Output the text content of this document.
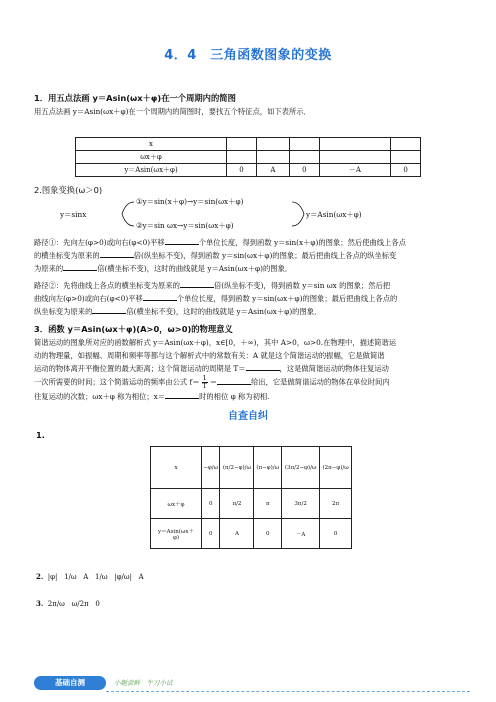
4．4　三角函数图象的变换
1．用五点法画 y＝Asin(ωx＋φ)在一个周期内的简图
用五点法画 y＝Asin(ωx＋φ)在一个周期内的简图时，要找五个特征点，如下表所示．
x					
ωx＋φ					
y＝Asin(ωx＋φ)	0	A	0	－A	0
2.图象变换(ω＞0)
y＝sinx
①y＝sin(x＋φ)→y＝sin(ωx＋φ)
②y＝sin ωx→y＝sin(ωx＋φ)
y＝Asin(ωx＋φ)
路径①：先向左(φ>0)或向右(φ<0)平移	个单位长度，得到函数 y＝sin(x＋φ)的图象；然后使曲线上各点
的横坐标变为原来的	倍(纵坐标不变)，得到函数 y＝sin(ωx＋φ)的图象；最后把曲线上各点的纵坐标变
为原来的	倍(横坐标不变)，这时的曲线就是 y＝Asin(ωx＋φ)的图象．
路径②：先将曲线上各点的横坐标变为原来的	倍(纵坐标不变)，得到函数 y＝sin ωx 的图象；然后把
曲线向左(φ>0)或向右(φ<0)平移	个单位长度，得到函数 y＝sin(ωx＋φ)的图象；最后把曲线上各点的
纵坐标变为原来的	倍(横坐标不变)，这时的曲线就是 y＝Asin(ωx＋φ)的图象．
3．函数 y＝Asin(ωx＋φ)(A>0，ω>0)的物理意义
简谐运动的图象所对应的函数解析式 y＝Asin(ωx＋φ)，x∈[0，＋∞)，其中 A>0，ω>0.在物理中，描述简谐运
动的物理量，如振幅、周期和频率等都与这个解析式中的常数有关：A 就是这个简谐运动的振幅，它是做简谐
运动的物体离开平衡位置的最大距离；这个简谐运动的周期是 T＝	，这是做简谐运动的物体往复运动
一次所需要的时间；这个简谐运动的频率由公式 $f= \frac{1}{T}$ ＝	给出，它是做简谐运动的物体在单位时间内
往复运动的次数；ωx＋φ 称为相位；x＝	时的相位 φ 称为初相.
自查自纠
1.
x	−φ/ω	(π/2−φ)/ω	(π−φ)/ω	(3π/2−φ)/ω	(2π−φ)/ω
ωx＋φ	0	π/2	π	3π/2	2π
y＝Asin(ωx＋
φ)	0	A	0	－A	0
2. |φ| 1/ω A 1/ω |φ/ω| A
3. 2π/ω ω/2π 0
基础自测	小题尝鲜　牛刀小试
